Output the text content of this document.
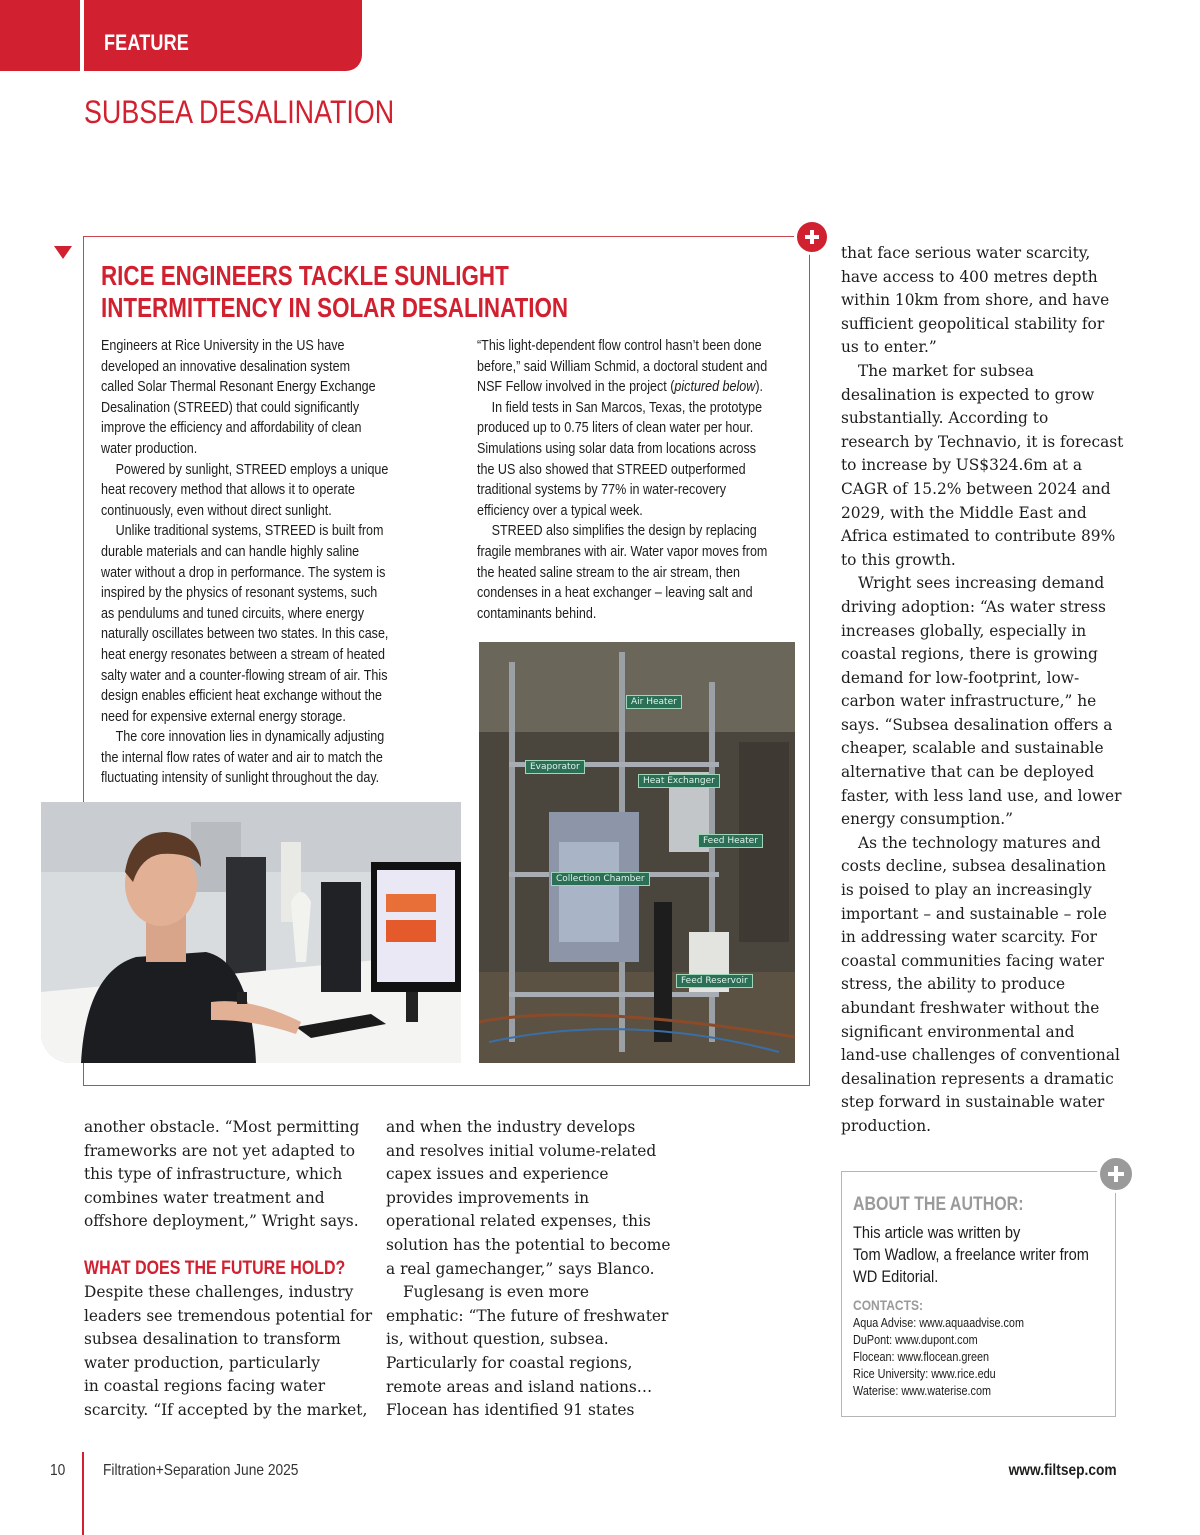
FEATURE
SUBSEA DESALINATION
RICE ENGINEERS TACKLE SUNLIGHT
INTERMITTENCY IN SOLAR DESALINATION
Engineers at Rice University in the US have
developed an innovative desalination system
called Solar Thermal Resonant Energy Exchange
Desalination (STREED) that could significantly
improve the efficiency and affordability of clean
water production.
Powered by sunlight, STREED employs a unique
heat recovery method that allows it to operate
continuously, even without direct sunlight.
Unlike traditional systems, STREED is built from
durable materials and can handle highly saline
water without a drop in performance. The system is
inspired by the physics of resonant systems, such
as pendulums and tuned circuits, where energy
naturally oscillates between two states. In this case,
heat energy resonates between a stream of heated
salty water and a counter-flowing stream of air. This
design enables efficient heat exchange without the
need for expensive external energy storage.
The core innovation lies in dynamically adjusting
the internal flow rates of water and air to match the
fluctuating intensity of sunlight throughout the day.
“This light-dependent flow control hasn’t been done
before,” said William Schmid, a doctoral student and
NSF Fellow involved in the project (pictured below).
In field tests in San Marcos, Texas, the prototype
produced up to 0.75 liters of clean water per hour.
Simulations using solar data from locations across
the US also showed that STREED outperformed
traditional systems by 77% in water-recovery
efficiency over a typical week.
STREED also simplifies the design by replacing
fragile membranes with air. Water vapor moves from
the heated saline stream to the air stream, then
condenses in a heat exchanger – leaving salt and
contaminants behind.
Air Heater
Evaporator
Heat Exchanger
Feed Heater
Collection Chamber
Feed Reservoir
another obstacle. “Most permitting
frameworks are not yet adapted to
this type of infrastructure, which
combines water treatment and
offshore deployment,” Wright says.
WHAT DOES THE FUTURE HOLD?
Despite these challenges, industry
leaders see tremendous potential for
subsea desalination to transform
water production, particularly
in coastal regions facing water
scarcity. “If accepted by the market,
and when the industry develops
and resolves initial volume-related
capex issues and experience
provides improvements in
operational related expenses, this
solution has the potential to become
a real gamechanger,” says Blanco.
Fuglesang is even more
emphatic: “The future of freshwater
is, without question, subsea.
Particularly for coastal regions,
remote areas and island nations…
Flocean has identified 91 states
that face serious water scarcity,
have access to 400 metres depth
within 10km from shore, and have
sufficient geopolitical stability for
us to enter.”
The market for subsea
desalination is expected to grow
substantially. According to
research by Technavio, it is forecast
to increase by US$324.6m at a
CAGR of 15.2% between 2024 and
2029, with the Middle East and
Africa estimated to contribute 89%
to this growth.
Wright sees increasing demand
driving adoption: “As water stress
increases globally, especially in
coastal regions, there is growing
demand for low-footprint, low-
carbon water infrastructure,” he
says. “Subsea desalination offers a
cheaper, scalable and sustainable
alternative that can be deployed
faster, with less land use, and lower
energy consumption.”
As the technology matures and
costs decline, subsea desalination
is poised to play an increasingly
important – and sustainable – role
in addressing water scarcity. For
coastal communities facing water
stress, the ability to produce
abundant freshwater without the
significant environmental and
land-use challenges of conventional
desalination represents a dramatic
step forward in sustainable water
production.
ABOUT THE AUTHOR:
This article was written by
Tom Wadlow, a freelance writer from
WD Editorial.
CONTACTS:
Aqua Advise: www.aquaadvise.com
DuPont: www.dupont.com
Flocean: www.flocean.green
Rice University: www.rice.edu
Waterise: www.waterise.com
10 Filtration+Separation June 2025	www.filtsep.com
